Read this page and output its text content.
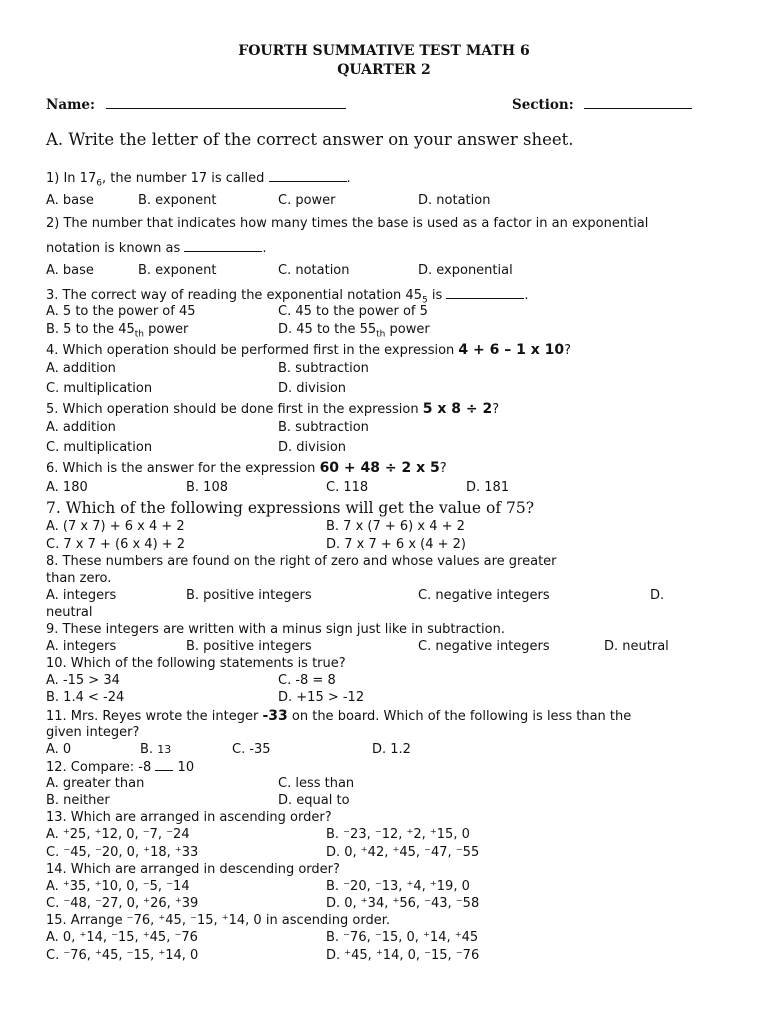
FOURTH SUMMATIVE TEST MATH 6
QUARTER 2
Name:	Section:
A. Write the letter of the correct answer on your answer sheet.
1) In $17_6$, the number 17 is called	.
A. base	B. exponent	C. power	D. notation
2) The number that indicates how many times the base is used as a factor in an exponential
notation is known as	.
A. base	B. exponent	C. notation	D. exponential
3. The correct way of reading the exponential notation $45_5$ is	.
A. 5 to the power of 45	C. 45 to the power of 5
B. 5 to the $45_{th}$ power	D. 45 to the $55_{th}$ power
4. Which operation should be performed first in the expression 4 + 6 – 1 x 10?
A. addition	B. subtraction
C. multiplication	D. division
5. Which operation should be done first in the expression 5 x 8 ÷ 2?
A. addition	B. subtraction
C. multiplication	D. division
6. Which is the answer for the expression 60 + 48 ÷ 2 x 5?
A. 180	B. 108	C. 118	D. 181
7. Which of the following expressions will get the value of 75?
A. (7 x 7) + 6 x 4 + 2	B. 7 x (7 + 6) x 4 + 2
C. 7 x 7 + (6 x 4) + 2	D. 7 x 7 + 6 x (4 + 2)
8. These numbers are found on the right of zero and whose values are greater
than zero.
A. integers	B. positive integers	C. negative integers	D.
neutral
9. These integers are written with a minus sign just like in subtraction.
A. integers	B. positive integers	C. negative integers	D. neutral
10. Which of the following statements is true?
A. -15 > 34	C. -8 = 8
B. 1.4 < -24	D. +15 > -12
11. Mrs. Reyes wrote the integer -33 on the board. Which of the following is less than the
given integer?
A. 0	B. 13	C. -35	D. 1.2
12. Compare: -8 10
A. greater than	C. less than
B. neither	D. equal to
13. Which are arranged in ascending order?
A. ⁺25, ⁺12, 0, ⁻7, ⁻24	B. ⁻23, ⁻12, ⁺2, ⁺15, 0
C. ⁻45, ⁻20, 0, ⁺18, ⁺33	D. 0, ⁺42, ⁺45, ⁻47, ⁻55
14. Which are arranged in descending order?
A. ⁺35, ⁺10, 0, ⁻5, ⁻14	B. ⁻20, ⁻13, ⁺4, ⁺19, 0
C. ⁻48, ⁻27, 0, ⁺26, ⁺39	D. 0, ⁺34, ⁺56, ⁻43, ⁻58
15. Arrange ⁻76, ⁺45, ⁻15, ⁺14, 0 in ascending order.
A. 0, ⁺14, ⁻15, ⁺45, ⁻76	B. ⁻76, ⁻15, 0, ⁺14, ⁺45
C. ⁻76, ⁺45, ⁻15, ⁺14, 0	D. ⁺45, ⁺14, 0, ⁻15, ⁻76
